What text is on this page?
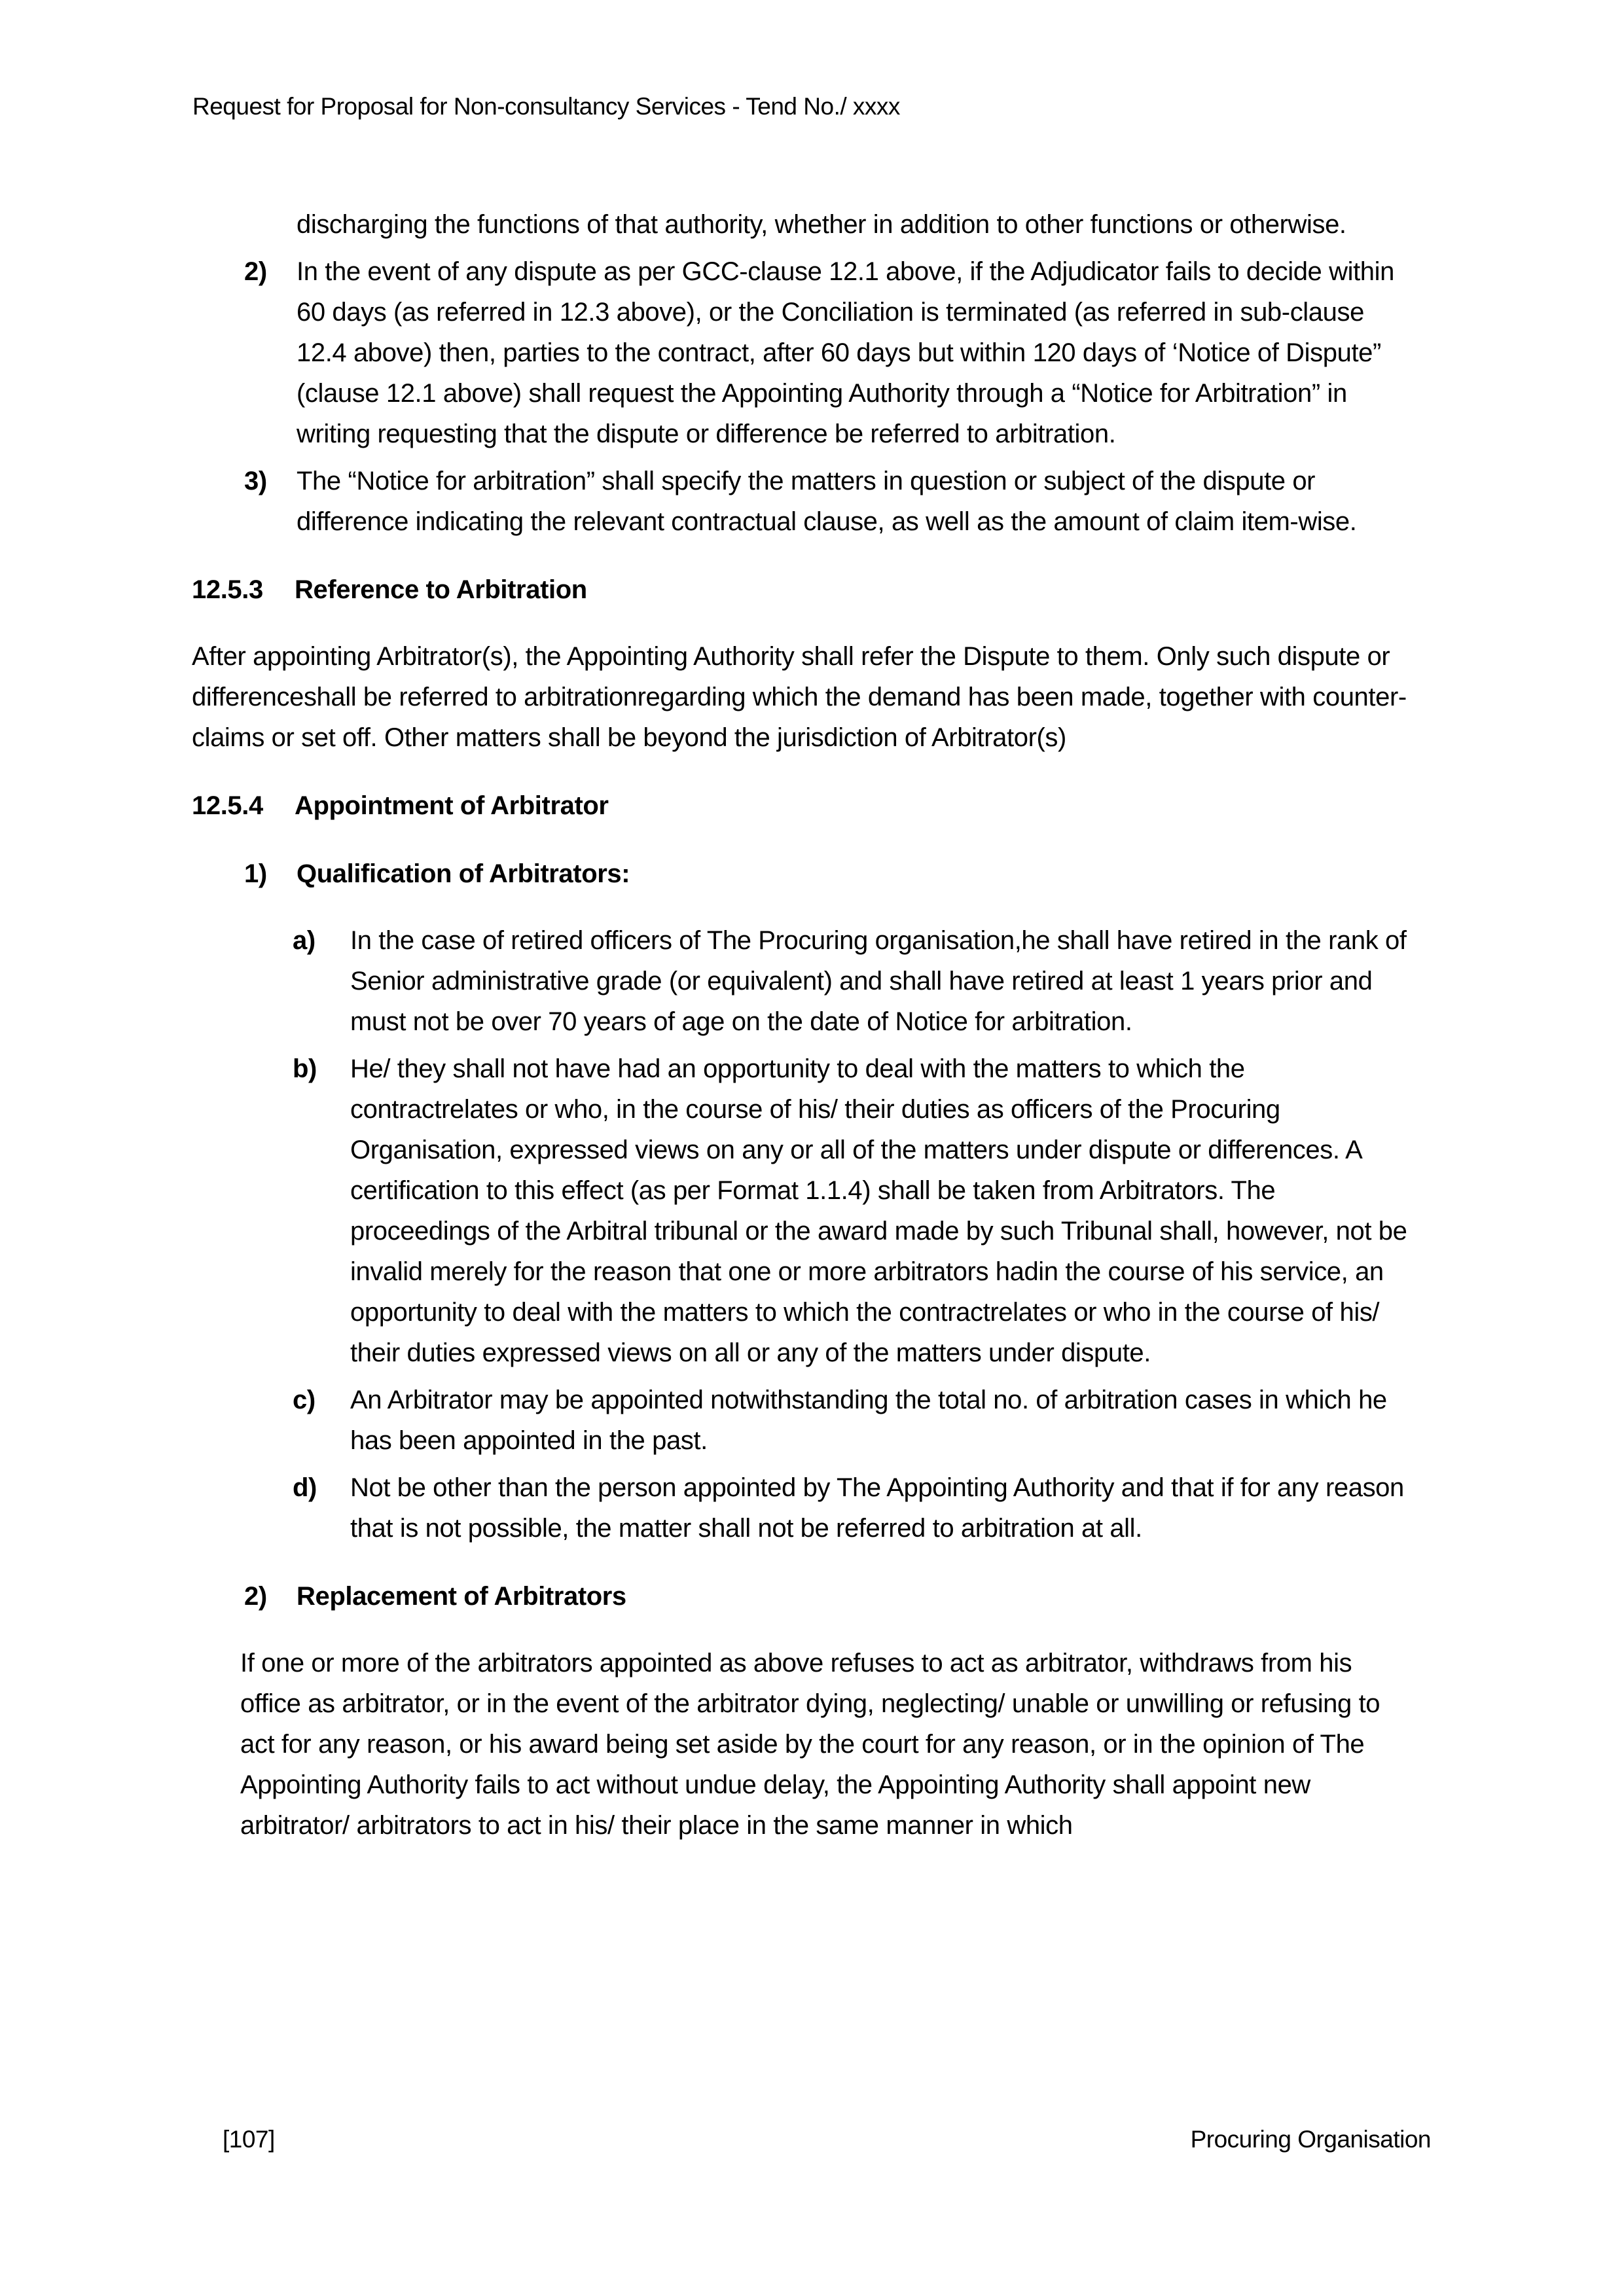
Request for Proposal for Non-consultancy Services - Tend No./ xxxx

discharging the functions of that authority, whether in addition to other functions or otherwise.

2)	In the event of any dispute as per GCC-clause 12.1 above, if the Adjudicator fails to decide within 60 days (as referred in 12.3 above), or the Conciliation is terminated (as referred in sub-clause 12.4 above) then, parties to the contract, after 60 days but within 120 days of ‘Notice of Dispute” (clause 12.1 above) shall request the Appointing Authority through a “Notice for Arbitration” in writing requesting that the dispute or difference be referred to arbitration.
3)	The “Notice for arbitration” shall specify the matters in question or subject of the dispute or difference indicating the relevant contractual clause, as well as the amount of claim item-wise.
12.5.3	Reference to Arbitration

After appointing Arbitrator(s), the Appointing Authority shall refer the Dispute to them. Only such dispute or differenceshall be referred to arbitrationregarding which the demand has been made, together with counter-claims or set off. Other matters shall be beyond the jurisdiction of Arbitrator(s)

12.5.4	Appointment of Arbitrator
1)	Qualification of Arbitrators:
a)	In the case of retired officers of The Procuring organisation,he shall have retired in the rank of Senior administrative grade (or equivalent) and shall have retired at least 1 years prior and must not be over 70 years of age on the date of Notice for arbitration.
b)	He/ they shall not have had an opportunity to deal with the matters to which the contractrelates or who, in the course of his/ their duties as officers of the Procuring Organisation, expressed views on any or all of the matters under dispute or differences. A certification to this effect (as per Format 1.1.4) shall be taken from Arbitrators. The proceedings of the Arbitral tribunal or the award made by such Tribunal shall, however, not be invalid merely for the reason that one or more arbitrators hadin the course of his service, an opportunity to deal with the matters to which the contractrelates or who in the course of his/ their duties expressed views on all or any of the matters under dispute.
c)	An Arbitrator may be appointed notwithstanding the total no. of arbitration cases in which he has been appointed in the past.
d)	Not be other than the person appointed by The Appointing Authority and that if for any reason that is not possible, the matter shall not be referred to arbitration at all.
2)	Replacement of Arbitrators

If one or more of the arbitrators appointed as above refuses to act as arbitrator, withdraws from his office as arbitrator, or in the event of the arbitrator dying, neglecting/ unable or unwilling or refusing to act for any reason, or his award being set aside by the court for any reason, or in the opinion of The Appointing Authority fails to act without undue delay, the Appointing Authority shall appoint new arbitrator/ arbitrators to act in his/ their place in the same manner in which

[107]	Procuring Organisation
